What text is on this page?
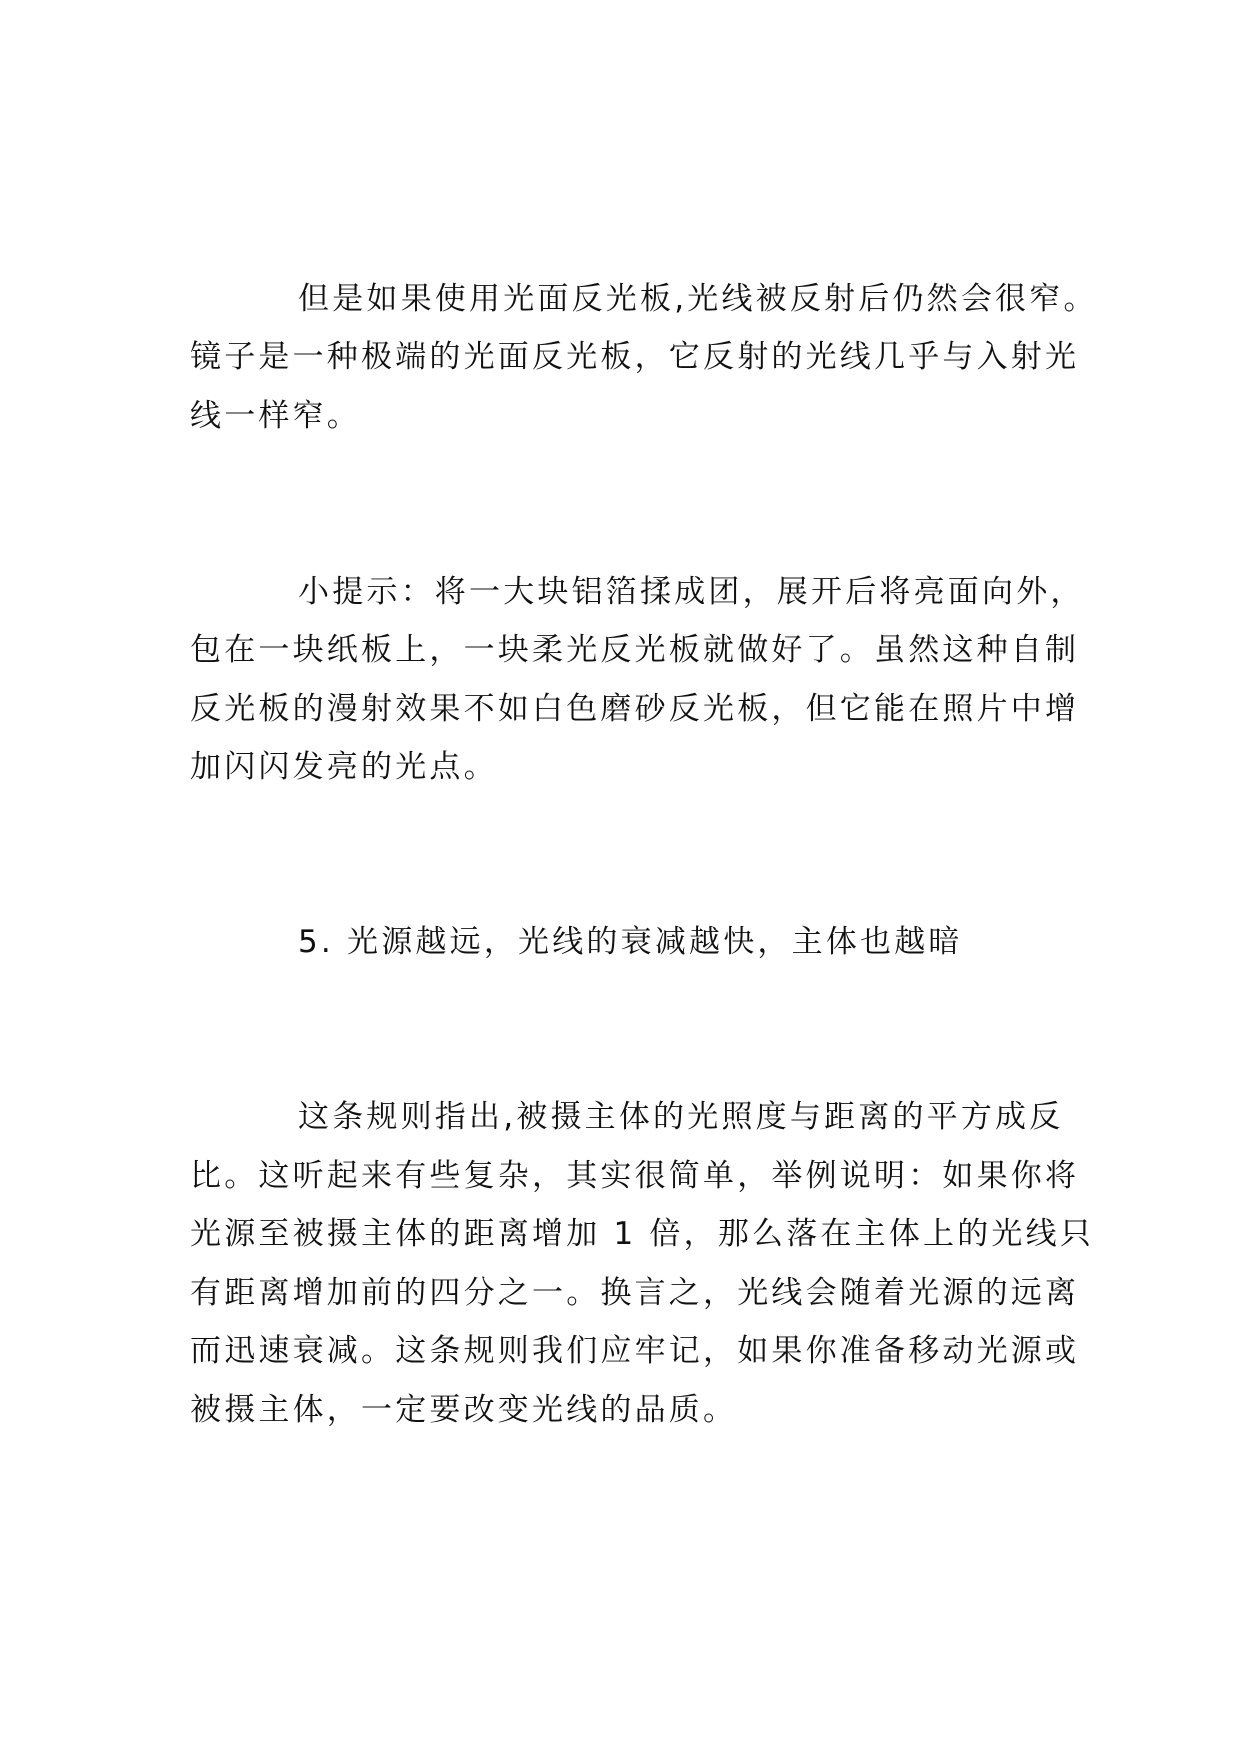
但是如果使用光面反光板,光线被反射后仍然会很窄。

镜子是一种极端的光面反光板，它反射的光线几乎与入射光

线一样窄。

小提示：将一大块铝箔揉成团，展开后将亮面向外，

包在一块纸板上，一块柔光反光板就做好了。虽然这种自制

反光板的漫射效果不如白色磨砂反光板，但它能在照片中增

加闪闪发亮的光点。

5. 光源越远，光线的衰减越快，主体也越暗

这条规则指出,被摄主体的光照度与距离的平方成反

比。这听起来有些复杂，其实很简单，举例说明：如果你将

光源至被摄主体的距离增加 1 倍，那么落在主体上的光线只

有距离增加前的四分之一。换言之，光线会随着光源的远离

而迅速衰减。这条规则我们应牢记，如果你准备移动光源或

被摄主体，一定要改变光线的品质。
